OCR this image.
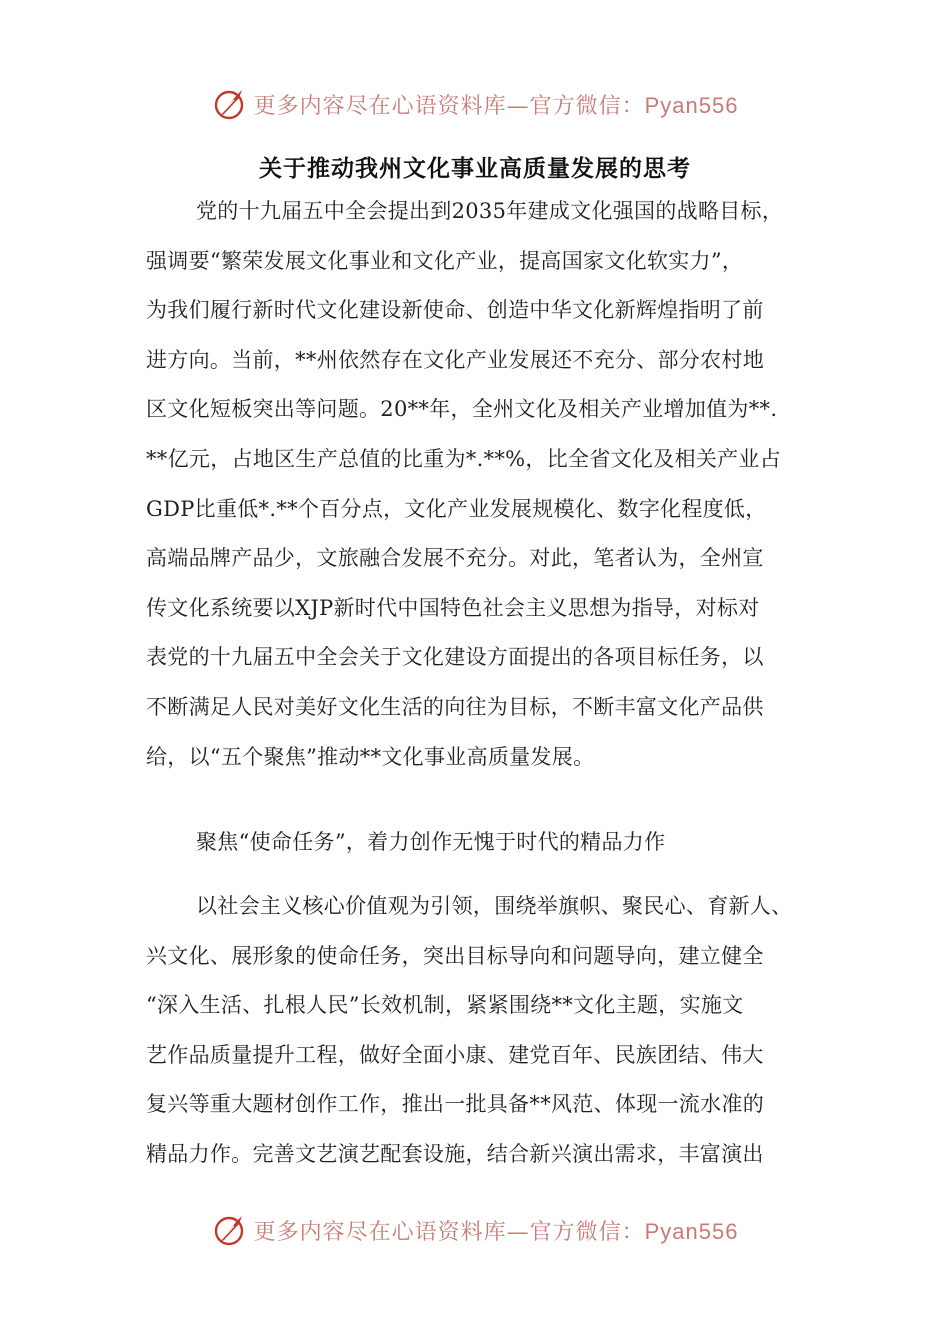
更多内容尽在心语资料库—官方微信：Pyan556
关于推动我州文化事业高质量发展的思考
党的十九届五中全会提出到2035年建成文化强国的战略目标，
强调要“繁荣发展文化事业和文化产业，提高国家文化软实力”，
为我们履行新时代文化建设新使命、创造中华文化新辉煌指明了前
进方向。当前，**州依然存在文化产业发展还不充分、部分农村地
区文化短板突出等问题。20**年，全州文化及相关产业增加值为**.
**亿元，占地区生产总值的比重为*.**%，比全省文化及相关产业占
GDP比重低*.**个百分点，文化产业发展规模化、数字化程度低，
高端品牌产品少，文旅融合发展不充分。对此，笔者认为，全州宣
传文化系统要以XJP新时代中国特色社会主义思想为指导，对标对
表党的十九届五中全会关于文化建设方面提出的各项目标任务，以
不断满足人民对美好文化生活的向往为目标，不断丰富文化产品供
给，以“五个聚焦”推动**文化事业高质量发展。
聚焦“使命任务”，着力创作无愧于时代的精品力作
以社会主义核心价值观为引领，围绕举旗帜、聚民心、育新人、
兴文化、展形象的使命任务，突出目标导向和问题导向，建立健全
“深入生活、扎根人民”长效机制，紧紧围绕**文化主题，实施文
艺作品质量提升工程，做好全面小康、建党百年、民族团结、伟大
复兴等重大题材创作工作，推出一批具备**风范、体现一流水准的
精品力作。完善文艺演艺配套设施，结合新兴演出需求，丰富演出
更多内容尽在心语资料库—官方微信：Pyan556
